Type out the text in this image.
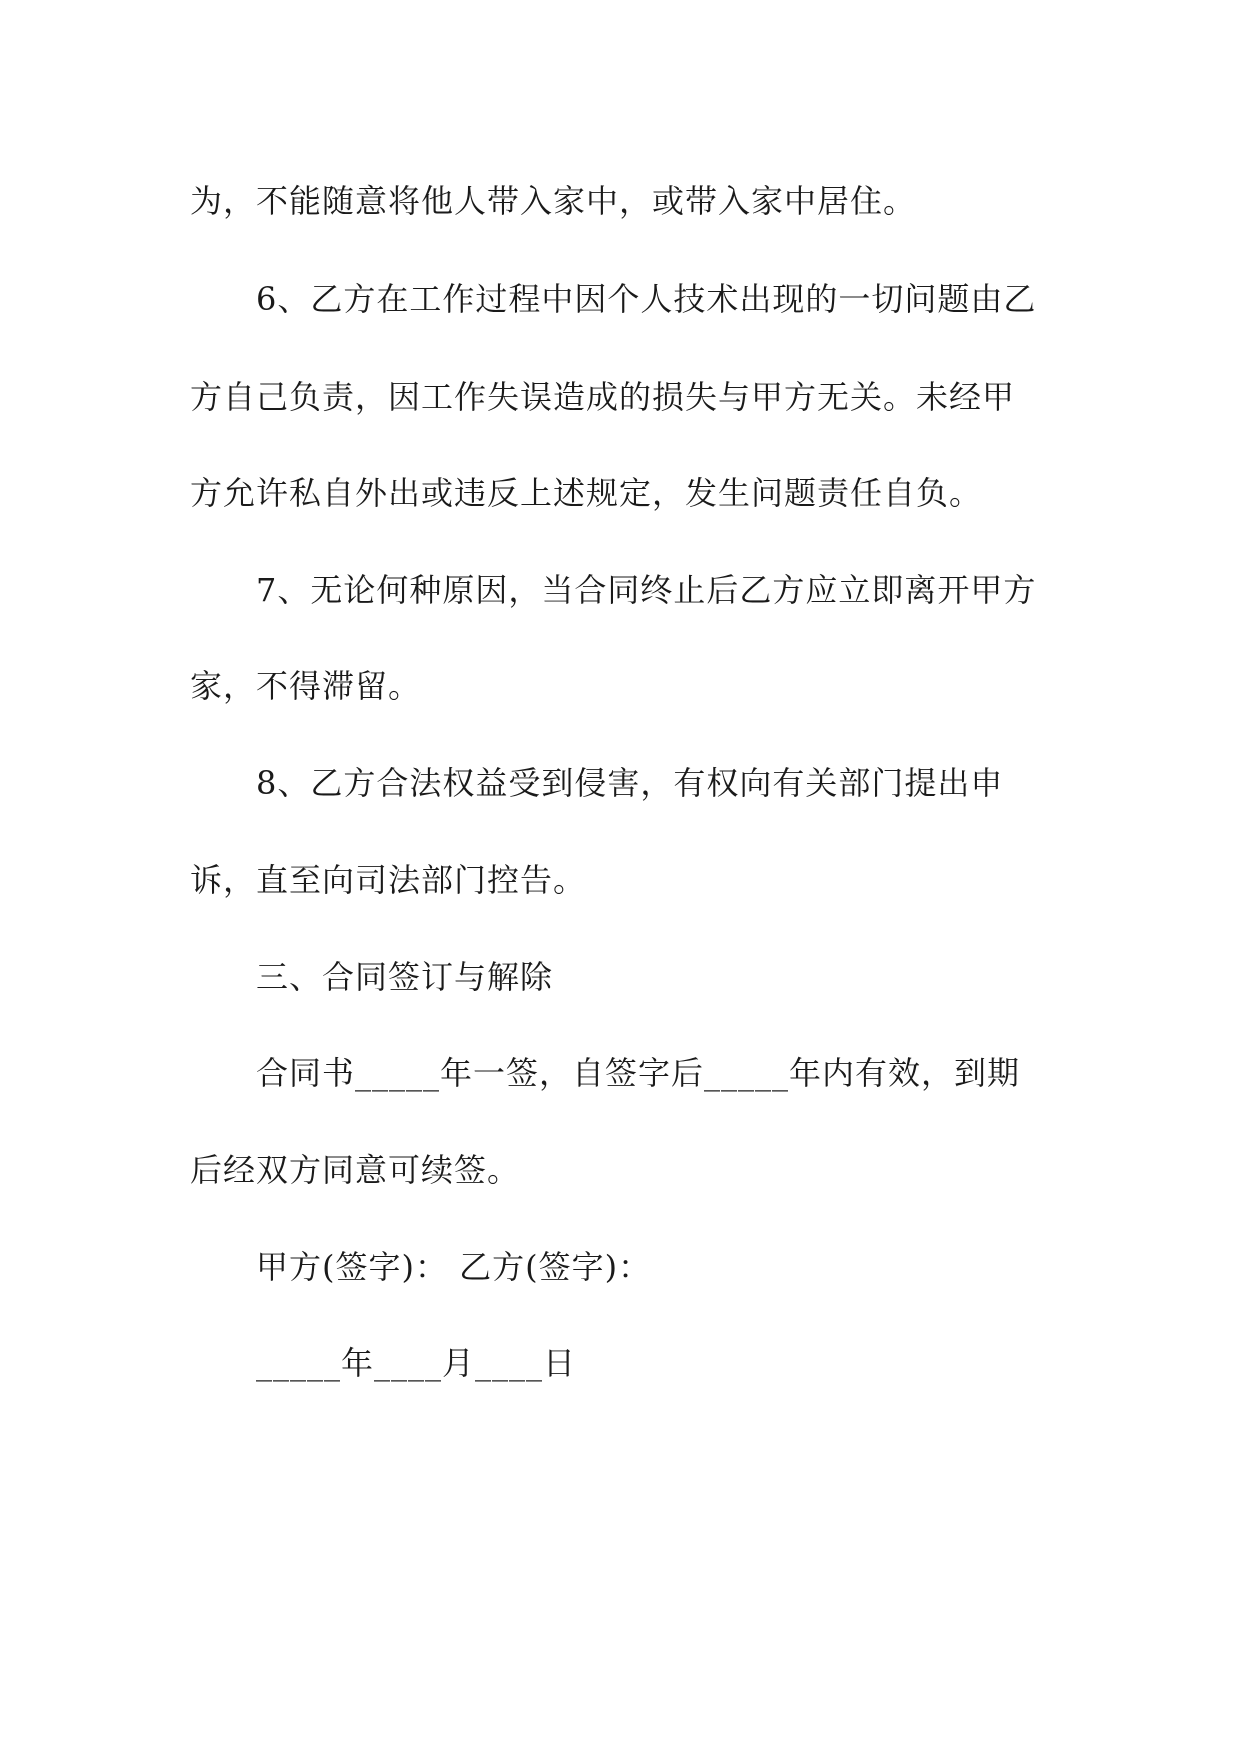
为，不能随意将他人带入家中，或带入家中居住。

6、乙方在工作过程中因个人技术出现的一切问题由乙

方自己负责，因工作失误造成的损失与甲方无关。未经甲

方允许私自外出或违反上述规定，发生问题责任自负。

7、无论何种原因，当合同终止后乙方应立即离开甲方

家，不得滞留。

8、乙方合法权益受到侵害，有权向有关部门提出申

诉，直至向司法部门控告。

三、合同签订与解除

合同书_____年一签，自签字后_____年内有效，到期

后经双方同意可续签。

甲方(签字)： 乙方(签字)：

_____年____月____日
